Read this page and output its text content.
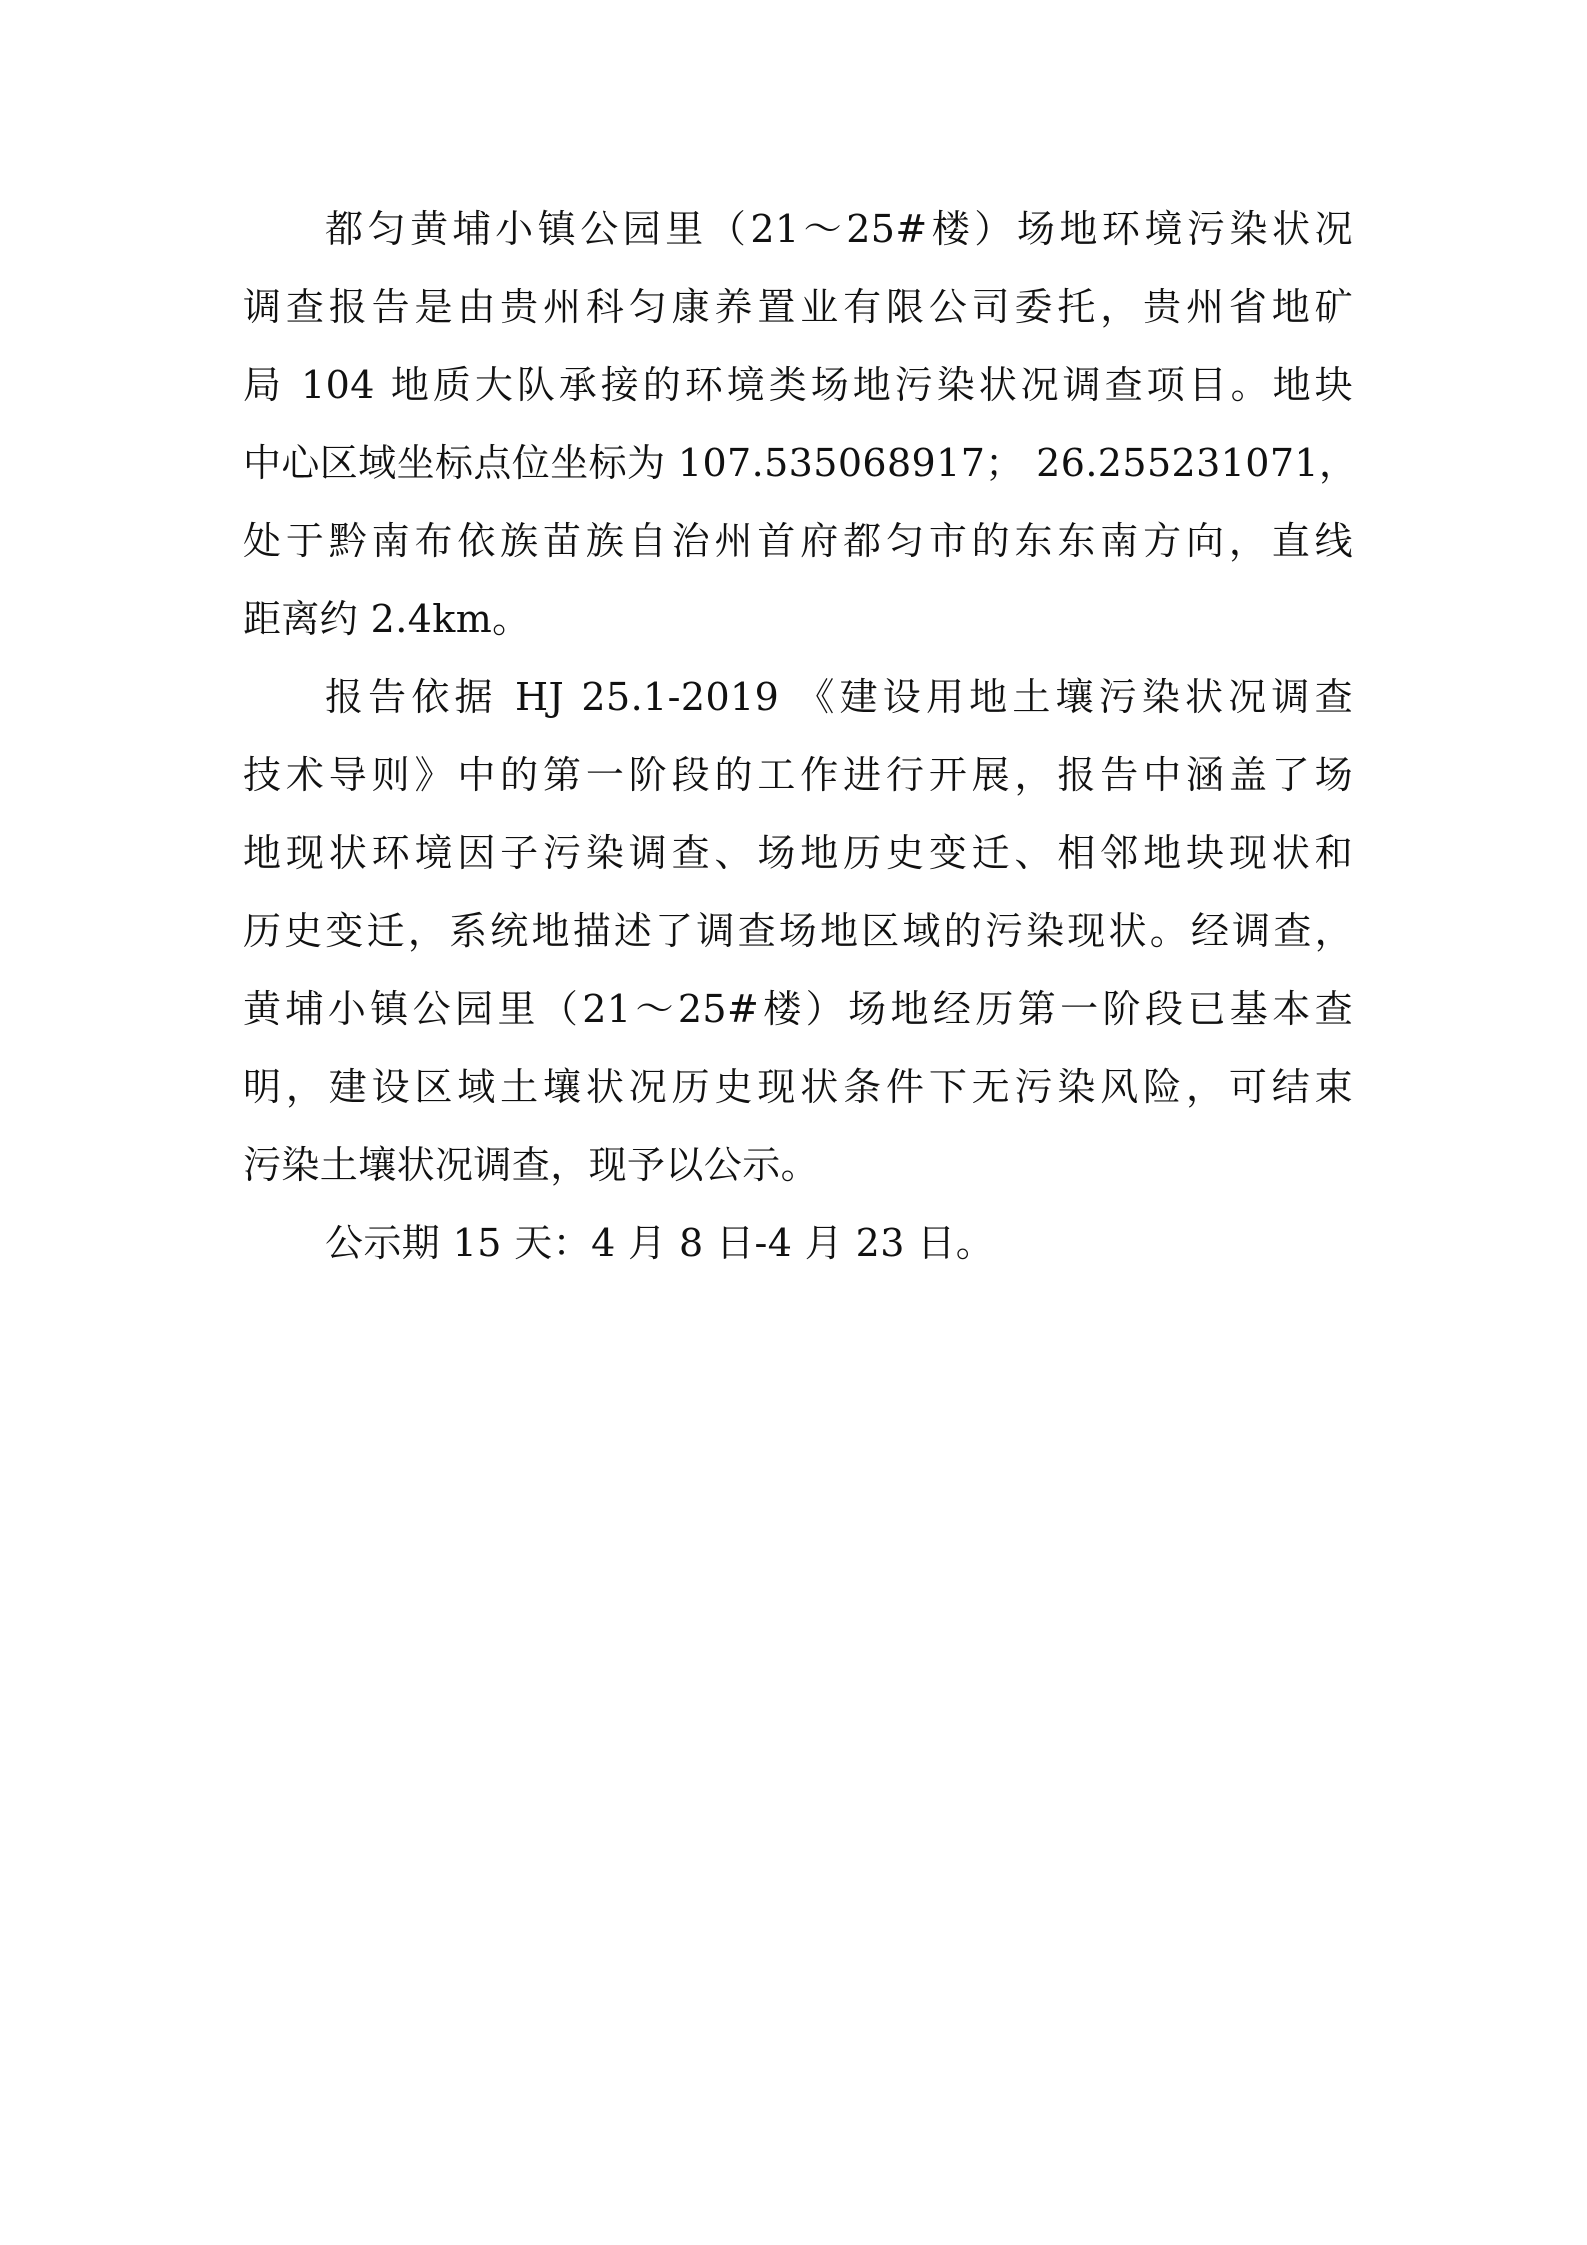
都匀黄埔小镇公园里（21～25#楼）场地环境污染状况
调查报告是由贵州科匀康养置业有限公司委托，贵州省地矿
局 104 地质大队承接的环境类场地污染状况调查项目。地块
中心区域坐标点位坐标为 107.535068917； 26.255231071，
处于黔南布依族苗族自治州首府都匀市的东东南方向，直线
距离约 2.4km。
报告依据 HJ 25.1-2019 《建设用地土壤污染状况调查
技术导则》中的第一阶段的工作进行开展，报告中涵盖了场
地现状环境因子污染调查、场地历史变迁、相邻地块现状和
历史变迁，系统地描述了调查场地区域的污染现状。经调查，
黄埔小镇公园里（21～25#楼）场地经历第一阶段已基本查
明，建设区域土壤状况历史现状条件下无污染风险，可结束
污染土壤状况调查，现予以公示。
公示期 15 天：4 月 8 日-4 月 23 日。
